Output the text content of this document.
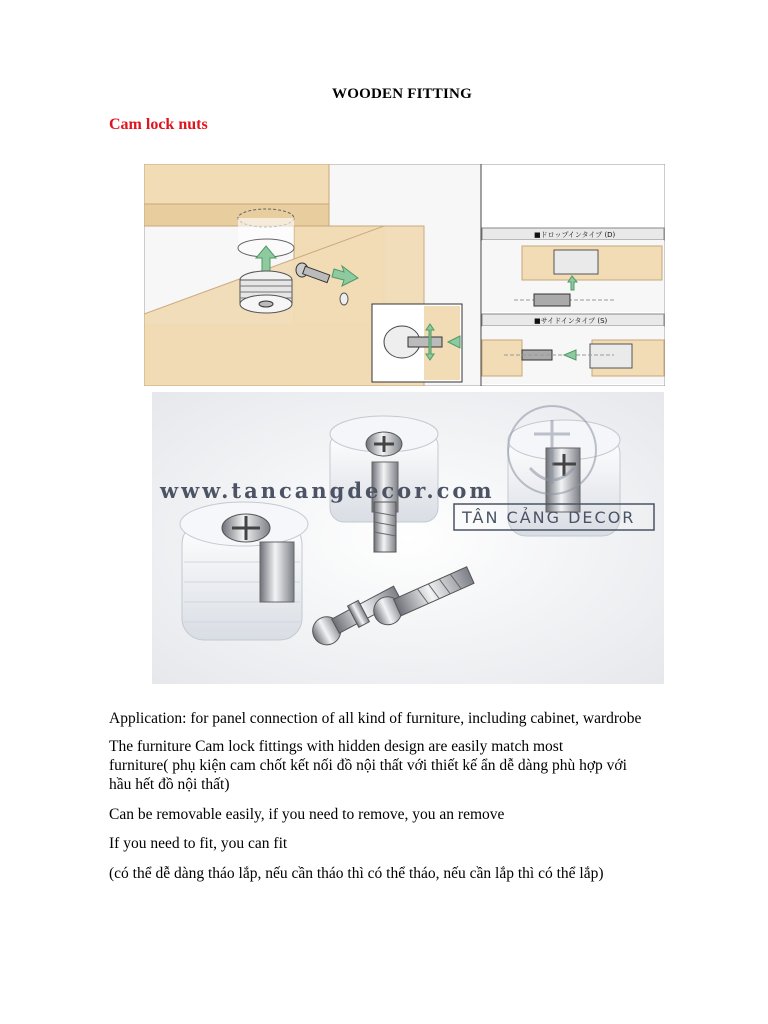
WOODEN FITTING
Cam lock nuts
■ドロップインタイプ (D)
■サイドインタイプ (S)
www.tancangdecor.com
TÂN CẢNG DECOR
Application: for panel connection of all kind of furniture, including cabinet, wardrobe
The furniture Cam lock fittings with hidden design are easily match most
furniture( phụ kiện cam chốt kết nối đồ nội thất với thiết kế ẩn dễ dàng phù hợp với
hầu hết đồ nội thất)
Can be removable easily, if you need to remove, you an remove
If you need to fit, you can fit
(có thể dễ dàng tháo lắp, nếu cần tháo thì có thể tháo, nếu cần lắp thì có thể lắp)
